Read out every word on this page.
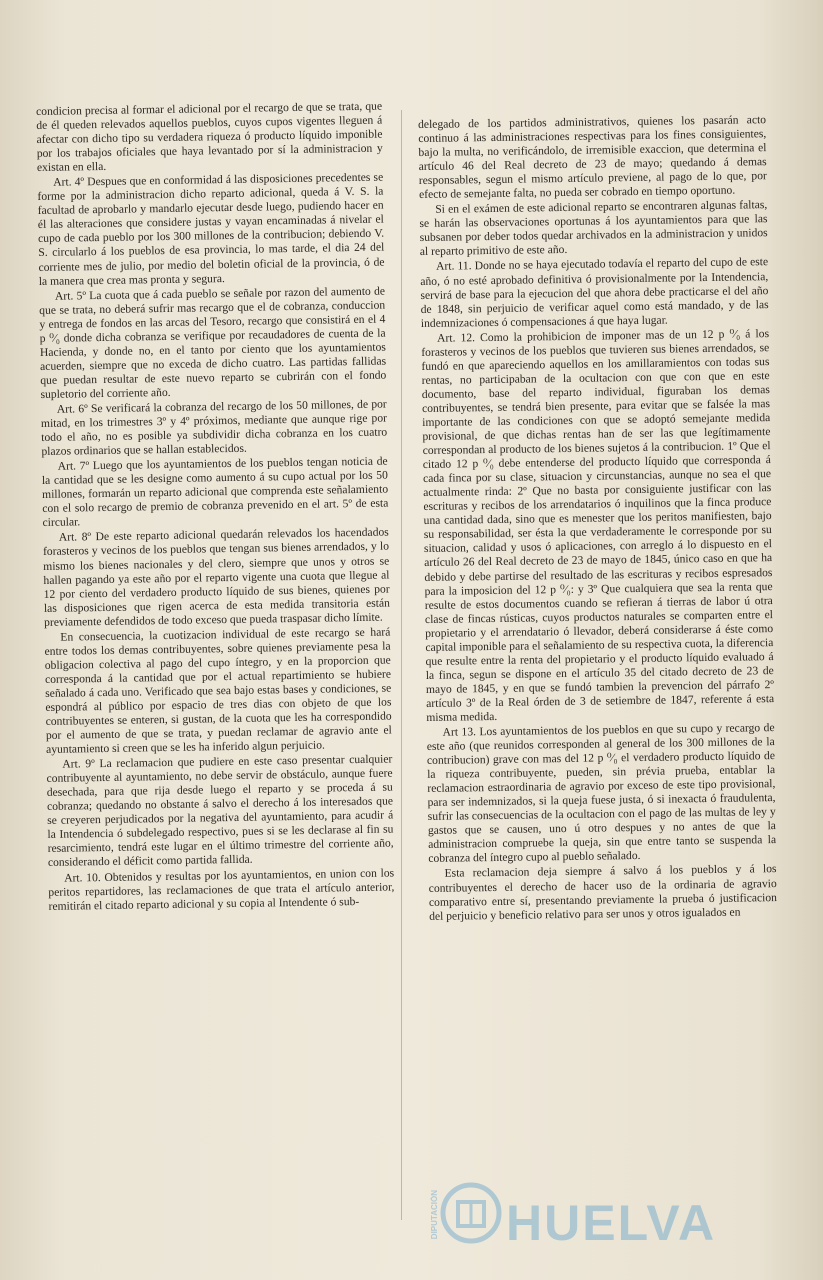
condicion precisa al formar el adicional por el recargo de que se trata, que de él queden relevados aquellos pueblos, cuyos cupos vigentes lleguen á afectar con dicho tipo su verdadera riqueza ó producto líquido imponible por los trabajos oficiales que haya levantado por sí la administracion y existan en ella.

Art. 4º Despues que en conformidad á las disposiciones precedentes se forme por la administracion dicho reparto adicional, queda á V. S. la facultad de aprobarlo y mandarlo ejecutar desde luego, pudiendo hacer en él las alteraciones que considere justas y vayan encaminadas á nivelar el cupo de cada pueblo por los 300 millones de la contribucion; debiendo V. S. circularlo á los pueblos de esa provincia, lo mas tarde, el dia 24 del corriente mes de julio, por medio del boletin oficial de la provincia, ó de la manera que crea mas pronta y segura.

Art. 5º La cuota que á cada pueblo se señale por razon del aumento de que se trata, no deberá sufrir mas recargo que el de cobranza, conduccion y entrega de fondos en las arcas del Tesoro, recargo que consistirá en el 4 p ⁰⁄₀ donde dicha cobranza se verifique por recaudadores de cuenta de la Hacienda, y donde no, en el tanto por ciento que los ayuntamientos acuerden, siempre que no exceda de dicho cuatro. Las partidas fallidas que puedan resultar de este nuevo reparto se cubrirán con el fondo supletorio del corriente año.

Art. 6º Se verificará la cobranza del recargo de los 50 millones, de por mitad, en los trimestres 3º y 4º próximos, mediante que aunque rige por todo el año, no es posible ya subdividir dicha cobranza en los cuatro plazos ordinarios que se hallan establecidos.

Art. 7º Luego que los ayuntamientos de los pueblos tengan noticia de la cantidad que se les designe como aumento á su cupo actual por los 50 millones, formarán un reparto adicional que comprenda este señalamiento con el solo recargo de premio de cobranza prevenido en el art. 5º de esta circular.

Art. 8º De este reparto adicional quedarán relevados los hacendados forasteros y vecinos de los pueblos que tengan sus bienes arrendados, y lo mismo los bienes nacionales y del clero, siempre que unos y otros se hallen pagando ya este año por el reparto vigente una cuota que llegue al 12 por ciento del verdadero producto líquido de sus bienes, quienes por las disposiciones que rigen acerca de esta medida transitoria están previamente defendidos de todo exceso que pueda traspasar dicho límite.

En consecuencia, la cuotizacion individual de este recargo se hará entre todos los demas contribuyentes, sobre quienes previamente pesa la obligacion colectiva al pago del cupo íntegro, y en la proporcion que corresponda á la cantidad que por el actual repartimiento se hubiere señalado á cada uno. Verificado que sea bajo estas bases y condiciones, se espondrá al público por espacio de tres dias con objeto de que los contribuyentes se enteren, si gustan, de la cuota que les ha correspondido por el aumento de que se trata, y puedan reclamar de agravio ante el ayuntamiento si creen que se les ha inferido algun perjuicio.

Art. 9º La reclamacion que pudiere en este caso presentar cualquier contribuyente al ayuntamiento, no debe servir de obstáculo, aunque fuere desechada, para que rija desde luego el reparto y se proceda á su cobranza; quedando no obstante á salvo el derecho á los interesados que se creyeren perjudicados por la negativa del ayuntamiento, para acudir á la Intendencia ó subdelegado respectivo, pues si se les declarase al fin su resarcimiento, tendrá este lugar en el último trimestre del corriente año, considerando el déficit como partida fallida.

Art. 10. Obtenidos y resultas por los ayuntamientos, en union con los peritos repartidores, las reclamaciones de que trata el artículo anterior, remitirán el citado reparto adicional y su copia al Intendente ó sub-

delegado de los partidos administrativos, quienes los pasarán acto continuo á las administraciones respectivas para los fines consiguientes, bajo la multa, no verificándolo, de irremisible exaccion, que determina el artículo 46 del Real decreto de 23 de mayo; quedando á demas responsables, segun el mismo artículo previene, al pago de lo que, por efecto de semejante falta, no pueda ser cobrado en tiempo oportuno.

Si en el exámen de este adicional reparto se encontraren algunas faltas, se harán las observaciones oportunas á los ayuntamientos para que las subsanen por deber todos quedar archivados en la administracion y unidos al reparto primitivo de este año.

Art. 11. Donde no se haya ejecutado todavía el reparto del cupo de este año, ó no esté aprobado definitiva ó provisionalmente por la Intendencia, servirá de base para la ejecucion del que ahora debe practicarse el del año de 1848, sin perjuicio de verificar aquel como está mandado, y de las indemnizaciones ó compensaciones á que haya lugar.

Art. 12. Como la prohibicion de imponer mas de un 12 p ⁰⁄₀ á los forasteros y vecinos de los pueblos que tuvieren sus bienes arrendados, se fundó en que apareciendo aquellos en los amillaramientos con todas sus rentas, no participaban de la ocultacion con que con que en este documento, base del reparto individual, figuraban los demas contribuyentes, se tendrá bien presente, para evitar que se falsée la mas importante de las condiciones con que se adoptó semejante medida provisional, de que dichas rentas han de ser las que legítimamente correspondan al producto de los bienes sujetos á la contribucion. 1º Que el citado 12 p ⁰⁄₀ debe entenderse del producto líquido que corresponda á cada finca por su clase, situacion y circunstancias, aunque no sea el que actualmente rinda: 2º Que no basta por consiguiente justificar con las escrituras y recibos de los arrendatarios ó inquilinos que la finca produce una cantidad dada, sino que es menester que los peritos manifiesten, bajo su responsabilidad, ser ésta la que verdaderamente le corresponde por su situacion, calidad y usos ó aplicaciones, con arreglo á lo dispuesto en el artículo 26 del Real decreto de 23 de mayo de 1845, único caso en que ha debido y debe partirse del resultado de las escrituras y recibos espresados para la imposicion del 12 p ⁰⁄₀: y 3º Que cualquiera que sea la renta que resulte de estos documentos cuando se refieran á tierras de labor ú otra clase de fincas rústicas, cuyos productos naturales se comparten entre el propietario y el arrendatario ó llevador, deberá considerarse á éste como capital imponible para el señalamiento de su respectiva cuota, la diferencia que resulte entre la renta del propietario y el producto líquido evaluado á la finca, segun se dispone en el artículo 35 del citado decreto de 23 de mayo de 1845, y en que se fundó tambien la prevencion del párrafo 2º artículo 3º de la Real órden de 3 de setiembre de 1847, referente á esta misma medida.

Art 13. Los ayuntamientos de los pueblos en que su cupo y recargo de este año (que reunidos corresponden al general de los 300 millones de la contribucion) grave con mas del 12 p ⁰⁄₀ el verdadero producto líquido de la riqueza contribuyente, pueden, sin prévia prueba, entablar la reclamacion estraordinaria de agravio por exceso de este tipo provisional, para ser indemnizados, si la queja fuese justa, ó si inexacta ó fraudulenta, sufrir las consecuencias de la ocultacion con el pago de las multas de ley y gastos que se causen, uno ú otro despues y no antes de que la administracion compruebe la queja, sin que entre tanto se suspenda la cobranza del íntegro cupo al pueblo señalado.

Esta reclamacion deja siempre á salvo á los pueblos y á los contribuyentes el derecho de hacer uso de la ordinaria de agravio comparativo entre sí, presentando previamente la prueba ó justificacion del perjuicio y beneficio relativo para ser unos y otros igualados en

DIPUTACIÓN HUELVA
